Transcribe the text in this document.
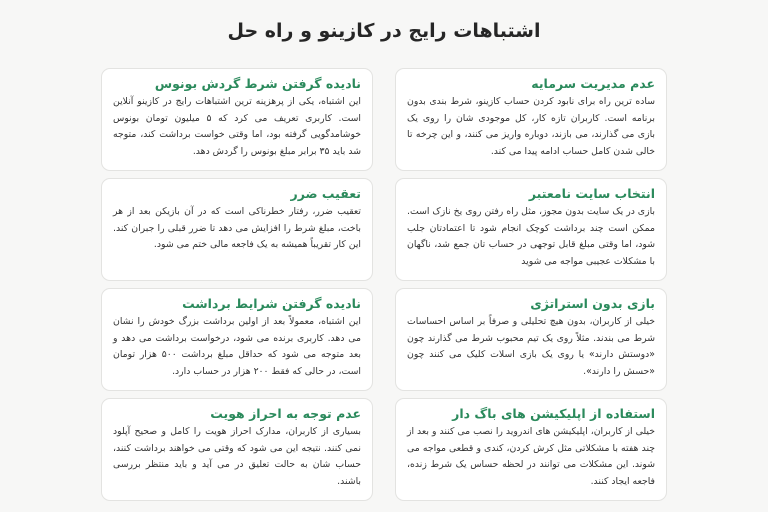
اشتباهات رایج در کازینو و راه حل
عدم مدیریت سرمایه
ساده ترین راه برای نابود کردن حساب کازینو، شرط بندی بدون برنامه است. کاربران تازه کار، کل موجودی شان را روی یک بازی می گذارند، می بازند، دوباره واریز می کنند، و این چرخه تا خالی شدن کامل حساب ادامه پیدا می کند.
نادیده گرفتن شرط گردش بونوس
این اشتباه، یکی از پرهزینه ترین اشتباهات رایج در کازینو آنلاین است. کاربری تعریف می کرد که ۵ میلیون تومان بونوس خوشامدگویی گرفته بود، اما وقتی خواست برداشت کند، متوجه شد باید ۳۵ برابر مبلغ بونوس را گردش دهد.
انتخاب سایت نامعتبر
بازی در یک سایت بدون مجوز، مثل راه رفتن روی یخ نازک است. ممکن است چند برداشت کوچک انجام شود تا اعتمادتان جلب شود، اما وقتی مبلغ قابل توجهی در حساب تان جمع شد، ناگهان با مشکلات عجیبی مواجه می شوید
تعقیب ضرر
تعقیب ضرر، رفتار خطرناکی است که در آن بازیکن بعد از هر باخت، مبلغ شرط را افزایش می دهد تا ضرر قبلی را جبران کند. این کار تقریباً همیشه به یک فاجعه مالی ختم می شود.
بازی بدون استراتژی
خیلی از کاربران، بدون هیچ تحلیلی و صرفاً بر اساس احساسات شرط می بندند. مثلاً روی یک تیم محبوب شرط می گذارند چون «دوستش دارند» یا روی یک بازی اسلات کلیک می کنند چون «حسش را دارند».
نادیده گرفتن شرایط برداشت
این اشتباه، معمولاً بعد از اولین برداشت بزرگ خودش را نشان می دهد. کاربری برنده می شود، درخواست برداشت می دهد و بعد متوجه می شود که حداقل مبلغ برداشت ۵۰۰ هزار تومان است، در حالی که فقط ۲۰۰ هزار در حساب دارد.
استفاده از اپلیکیشن های باگ دار
خیلی از کاربران، اپلیکیشن های اندروید را نصب می کنند و بعد از چند هفته با مشکلاتی مثل کرش کردن، کندی و قطعی مواجه می شوند. این مشکلات می توانند در لحظه حساس یک شرط زنده، فاجعه ایجاد کنند.
عدم توجه به احراز هویت
بسیاری از کاربران، مدارک احراز هویت را کامل و صحیح آپلود نمی کنند. نتیجه این می شود که وقتی می خواهند برداشت کنند، حساب شان به حالت تعلیق در می آید و باید منتظر بررسی باشند.
